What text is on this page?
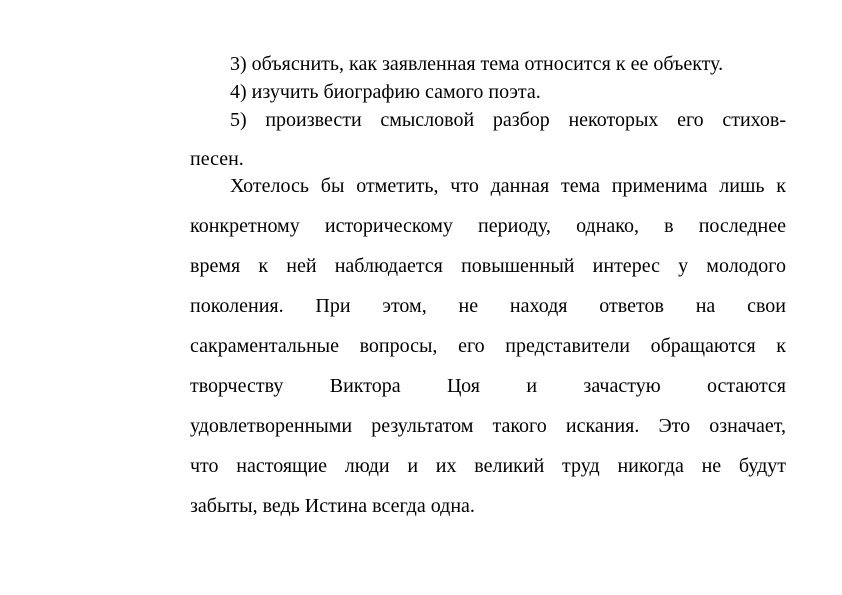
3) объяснить, как заявленная тема относится к ее объекту.
4) изучить биографию самого поэта.
5) произвести смысловой разбор некоторых его стихов-
песен.
Хотелось бы отметить, что данная тема применима лишь к
конкретному историческому периоду, однако, в последнее
время к ней наблюдается повышенный интерес у молодого
поколения. При этом, не находя ответов на свои
сакраментальные вопросы, его представители обращаются к
творчеству Виктора Цоя и зачастую остаются
удовлетворенными результатом такого искания. Это означает,
что настоящие люди и их великий труд никогда не будут
забыты, ведь Истина всегда одна.
